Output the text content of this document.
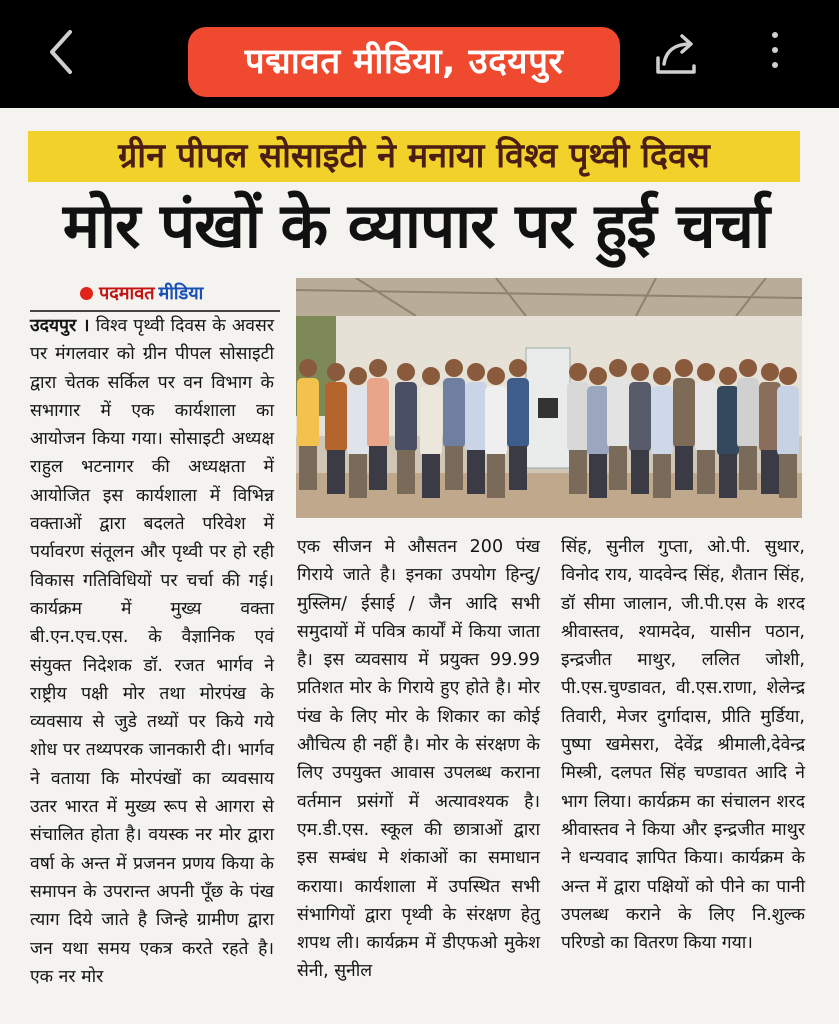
पद्मावत मीडिया, उदयपुर
ग्रीन पीपल सोसाइटी ने मनाया विश्व पृथ्वी दिवस
मोर पंखों के व्यापार पर हुई चर्चा
पदमावत मीडिया
उदयपुर । विश्व पृथ्वी दिवस के अवसर पर मंगलवार को ग्रीन पीपल सोसाइटी द्वारा चेतक सर्किल पर वन विभाग के सभागार में एक कार्यशाला का आयोजन किया गया। सोसाइटी अध्यक्ष राहुल भटनागर की अध्यक्षता में आयोजित इस कार्यशाला में विभिन्न वक्ताओं द्वारा बदलते परिवेश में पर्यावरण संतूलन और पृथ्वी पर हो रही विकास गतिविधियों पर चर्चा की गई। कार्यक्रम में मुख्य वक्ता बी.एन.एच.एस. के वैज्ञानिक एवं संयुक्त निदेशक डॉ. रजत भार्गव ने राष्ट्रीय पक्षी मोर तथा मोरपंख के व्यवसाय से जुडे तथ्यों पर किये गये शोध पर तथ्यपरक जानकारी दी। भार्गव ने वताया कि मोरपंखों का व्यवसाय उतर भारत में मुख्य रूप से आगरा से संचालित होता है। वयस्क नर मोर द्वारा वर्षा के अन्त में प्रजनन प्रणय किया के समापन के उपरान्त अपनी पूँछ के पंख त्याग दिये जाते है जिन्हे ग्रामीण द्वारा जन यथा समय एकत्र करते रहते है। एक नर मोर
एक सीजन मे औसतन 200 पंख गिराये जाते है। इनका उपयोग हिन्दु/मुस्लिम/ ईसाई / जैन आदि सभी समुदायों में पवित्र कार्यों में किया जाता है। इस व्यवसाय में प्रयुक्त 99.99 प्रतिशत मोर के गिराये हुए होते है। मोर पंख के लिए मोर के शिकार का कोई औचित्य ही नहीं है। मोर के संरक्षण के लिए उपयुक्त आवास उपलब्ध कराना वर्तमान प्रसंगों में अत्यावश्यक है। एम.डी.एस. स्कूल की छात्राओं द्वारा इस सम्बंध मे शंकाओं का समाधान कराया। कार्यशाला में उपस्थित सभी संभागियों द्वारा पृथ्वी के संरक्षण हेतु शपथ ली। कार्यक्रम में डीएफओ मुकेश सेनी, सुनील
सिंह, सुनील गुप्ता, ओ.पी. सुथार, विनोद राय, यादवेन्द सिंह, शैतान सिंह, डॉ सीमा जालान, जी.पी.एस के शरद श्रीवास्तव, श्यामदेव, यासीन पठान, इन्द्रजीत माथुर, ललित जोशी, पी.एस.चुण्डावत, वी.एस.राणा, शेलेन्द्र तिवारी, मेजर दुर्गादास, प्रीति मुर्डिया, पुष्पा खमेसरा, देवेंद्र श्रीमाली,देवेन्द्र मिस्त्री, दलपत सिंह चण्डावत आदि ने भाग लिया। कार्यक्रम का संचालन शरद श्रीवास्तव ने किया और इन्द्रजीत माथुर ने धन्यवाद ज्ञापित किया। कार्यक्रम के अन्त में द्वारा पक्षियों को पीने का पानी उपलब्ध कराने के लिए नि.शुल्क परिण्डो का वितरण किया गया।
